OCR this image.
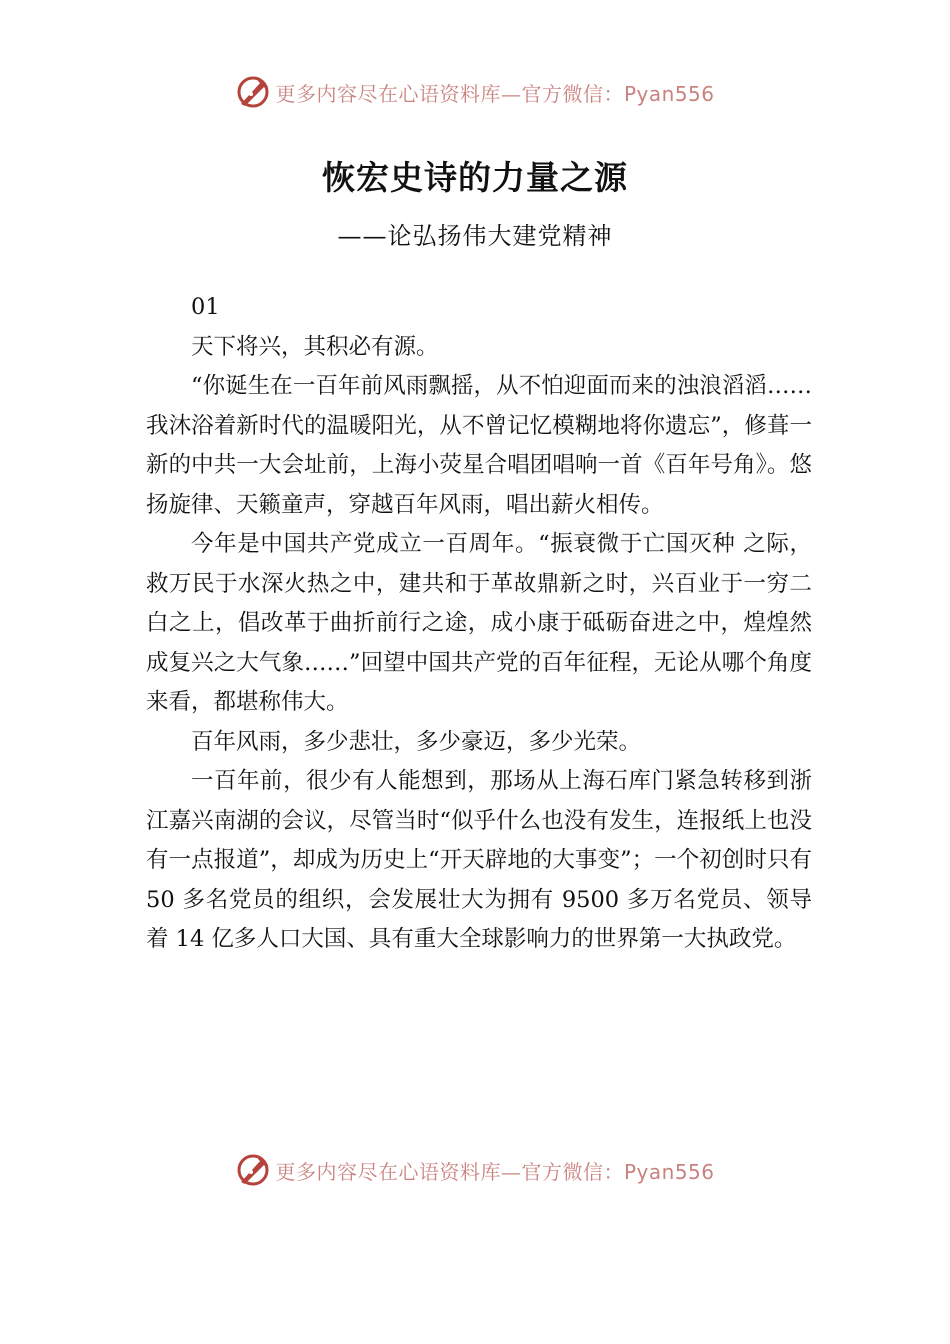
更多内容尽在心语资料库—官方微信：Pyan556
恢宏史诗的力量之源
——论弘扬伟大建党精神

01

天下将兴，其积必有源。

“你诞生在一百年前风雨飘摇，从不怕迎面而来的浊浪滔滔……我沐浴着新时代的温暖阳光，从不曾记忆模糊地将你遗忘”，修葺一新的中共一大会址前，上海小荧星合唱团唱响一首《百年号角》。悠扬旋律、天籁童声，穿越百年风雨，唱出薪火相传。

今年是中国共产党成立一百周年。“振衰微于亡国灭种 之际，救万民于水深火热之中，建共和于革故鼎新之时，兴百业于一穷二白之上，倡改革于曲折前行之途，成小康于砥砺奋进之中，煌煌然成复兴之大气象……”回望中国共产党的百年征程，无论从哪个角度来看，都堪称伟大。

百年风雨，多少悲壮，多少豪迈，多少光荣。

一百年前，很少有人能想到，那场从上海石库门紧急转移到浙江嘉兴南湖的会议，尽管当时“似乎什么也没有发生，连报纸上也没有一点报道”，却成为历史上“开天辟地的大事变”；一个初创时只有 50 多名党员的组织，会发展壮大为拥有 9500 多万名党员、领导着 14 亿多人口大国、具有重大全球影响力的世界第一大执政党。

更多内容尽在心语资料库—官方微信：Pyan556
